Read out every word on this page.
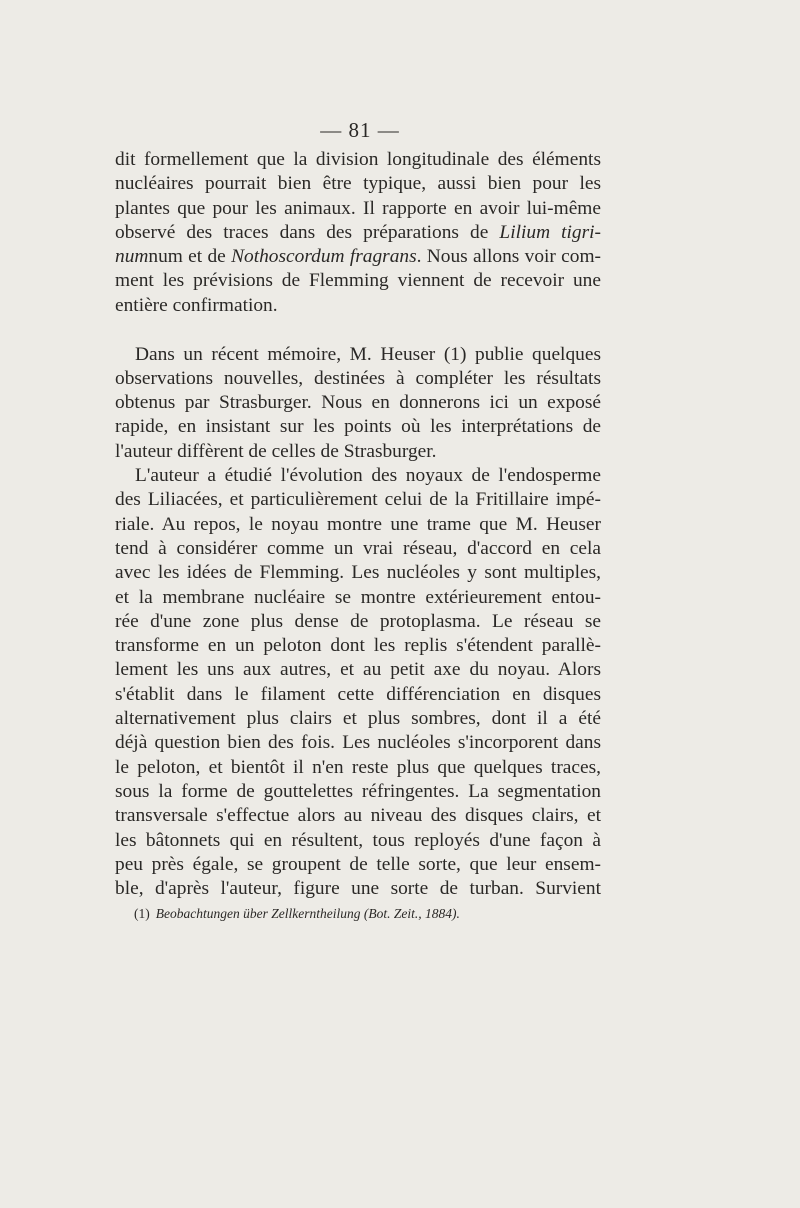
— 81 —
dit formellement que la division longitudinale des éléments
nucléaires pourrait bien être typique, aussi bien pour les
plantes que pour les animaux. Il rapporte en avoir lui-même
observé des traces dans des préparations de Lilium tigri-
numnum et de Nothoscordum fragrans. Nous allons voir com-
ment les prévisions de Flemming viennent de recevoir une
entière confirmation.
Dans un récent mémoire, M. Heuser (1) publie quelques
observations nouvelles, destinées à compléter les résultats
obtenus par Strasburger. Nous en donnerons ici un exposé
rapide, en insistant sur les points où les interprétations de
l'auteur diffèrent de celles de Strasburger.
L'auteur a étudié l'évolution des noyaux de l'endosperme
des Liliacées, et particulièrement celui de la Fritillaire impé-
riale. Au repos, le noyau montre une trame que M. Heuser
tend à considérer comme un vrai réseau, d'accord en cela
avec les idées de Flemming. Les nucléoles y sont multiples,
et la membrane nucléaire se montre extérieurement entou-
rée d'une zone plus dense de protoplasma. Le réseau se
transforme en un peloton dont les replis s'étendent parallè-
lement les uns aux autres, et au petit axe du noyau. Alors
s'établit dans le filament cette différenciation en disques
alternativement plus clairs et plus sombres, dont il a été
déjà question bien des fois. Les nucléoles s'incorporent dans
le peloton, et bientôt il n'en reste plus que quelques traces,
sous la forme de gouttelettes réfringentes. La segmentation
transversale s'effectue alors au niveau des disques clairs, et
les bâtonnets qui en résultent, tous reployés d'une façon à
peu près égale, se groupent de telle sorte, que leur ensem-
ble, d'après l'auteur, figure une sorte de turban. Survient
(1) Beobachtungen über Zellkerntheilung (Bot. Zeit., 1884).
